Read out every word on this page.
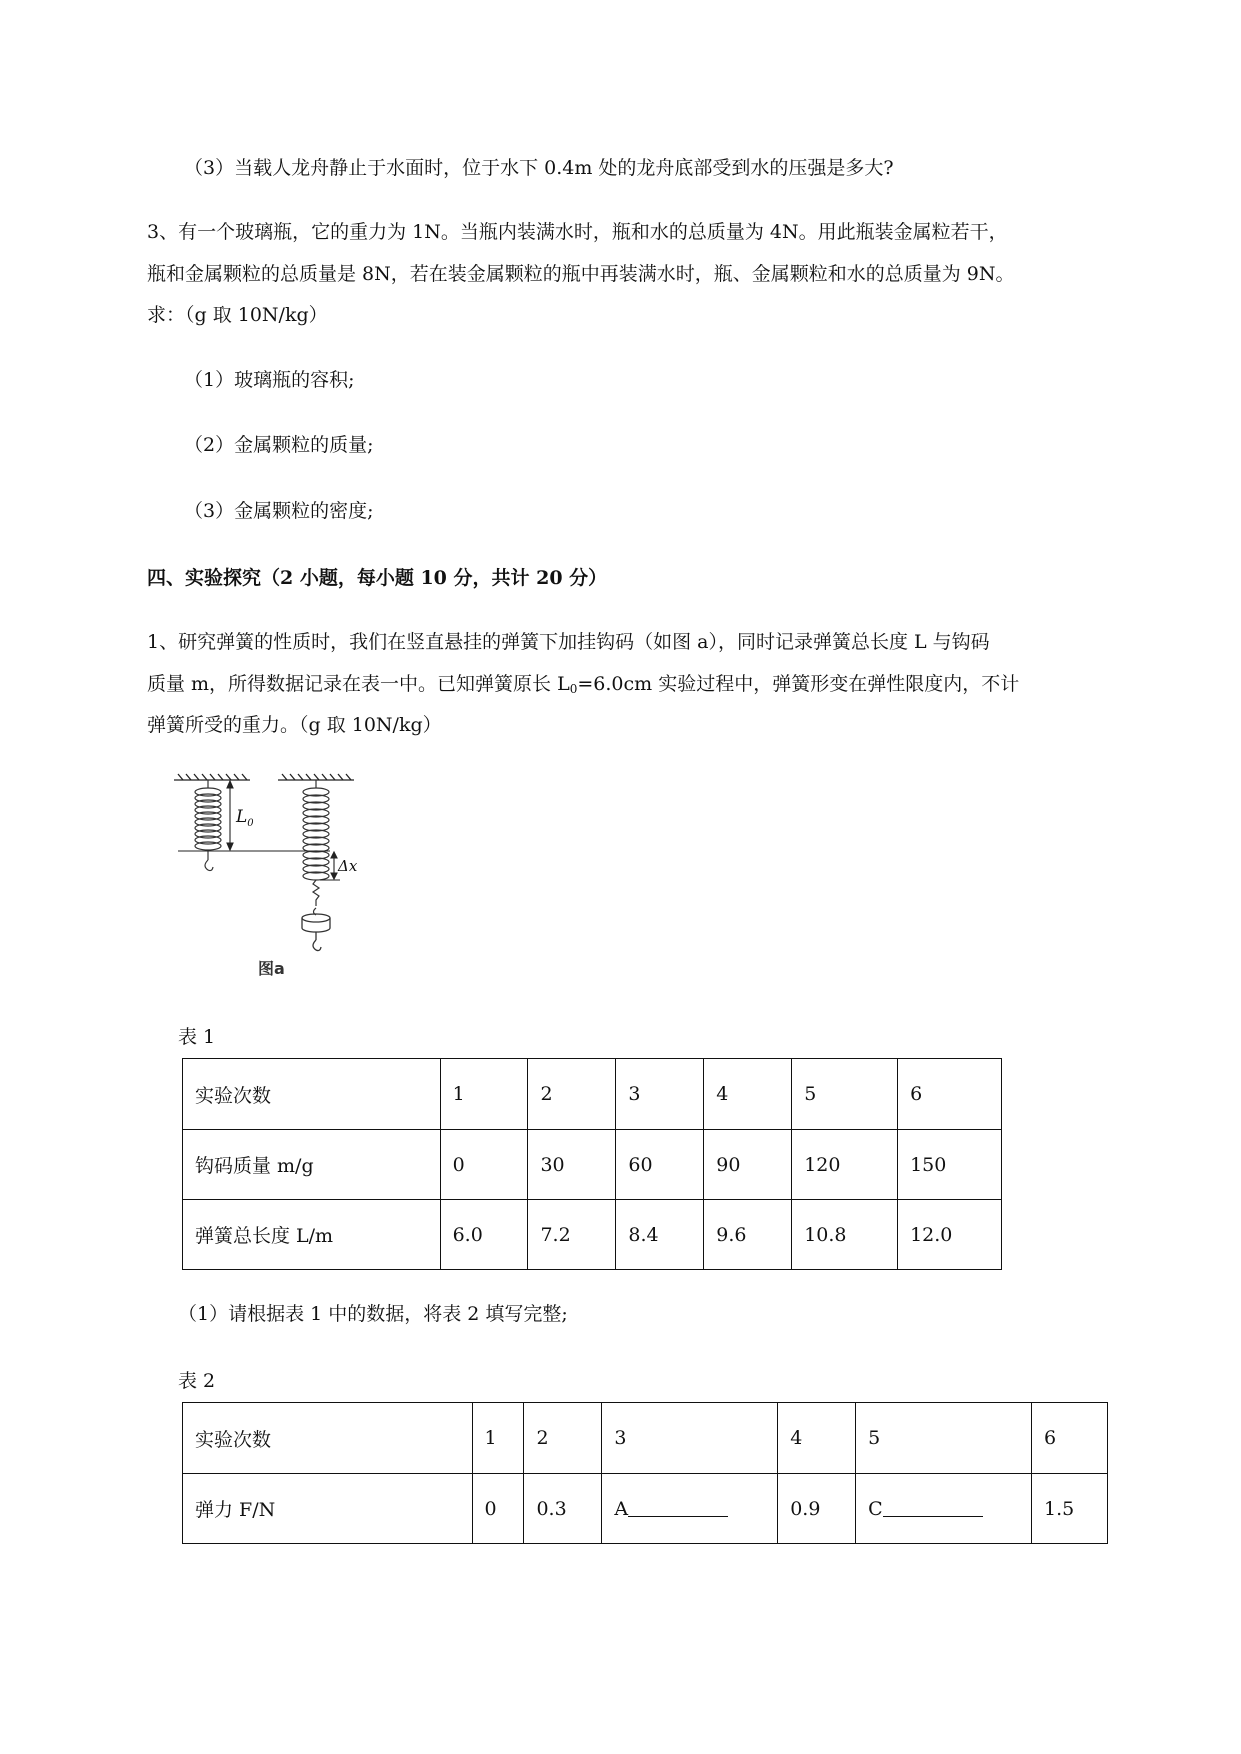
（3）当载人龙舟静止于水面时，位于水下 0.4m 处的龙舟底部受到水的压强是多大?
3、有一个玻璃瓶，它的重力为 1N。当瓶内装满水时，瓶和水的总质量为 4N。用此瓶装金属粒若干，
瓶和金属颗粒的总质量是 8N，若在装金属颗粒的瓶中再装满水时，瓶、金属颗粒和水的总质量为 9N。
求：（g 取 10N/kg）
（1）玻璃瓶的容积;
（2）金属颗粒的质量;
（3）金属颗粒的密度;
四、实验探究（2 小题，每小题 10 分，共计 20 分）
1、研究弹簧的性质时，我们在竖直悬挂的弹簧下加挂钩码（如图 a），同时记录弹簧总长度 L 与钩码
质量 m，所得数据记录在表一中。已知弹簧原长 $L_0=6.0cm$ 实验过程中，弹簧形变在弹性限度内，不计
弹簧所受的重力。（g 取 10N/kg）
$L_0$
Δx
图a
表 1
实验次数	1	2	3	4	5	6
钩码质量 m/g	0	30	60	90	120	150
弹簧总长度 L/m	6.0	7.2	8.4	9.6	10.8	12.0
（1）请根据表 1 中的数据，将表 2 填写完整;
表 2
实验次数	1	2	3	4	5	6
弹力 F/N	0	0.3	A	0.9	C	1.5
